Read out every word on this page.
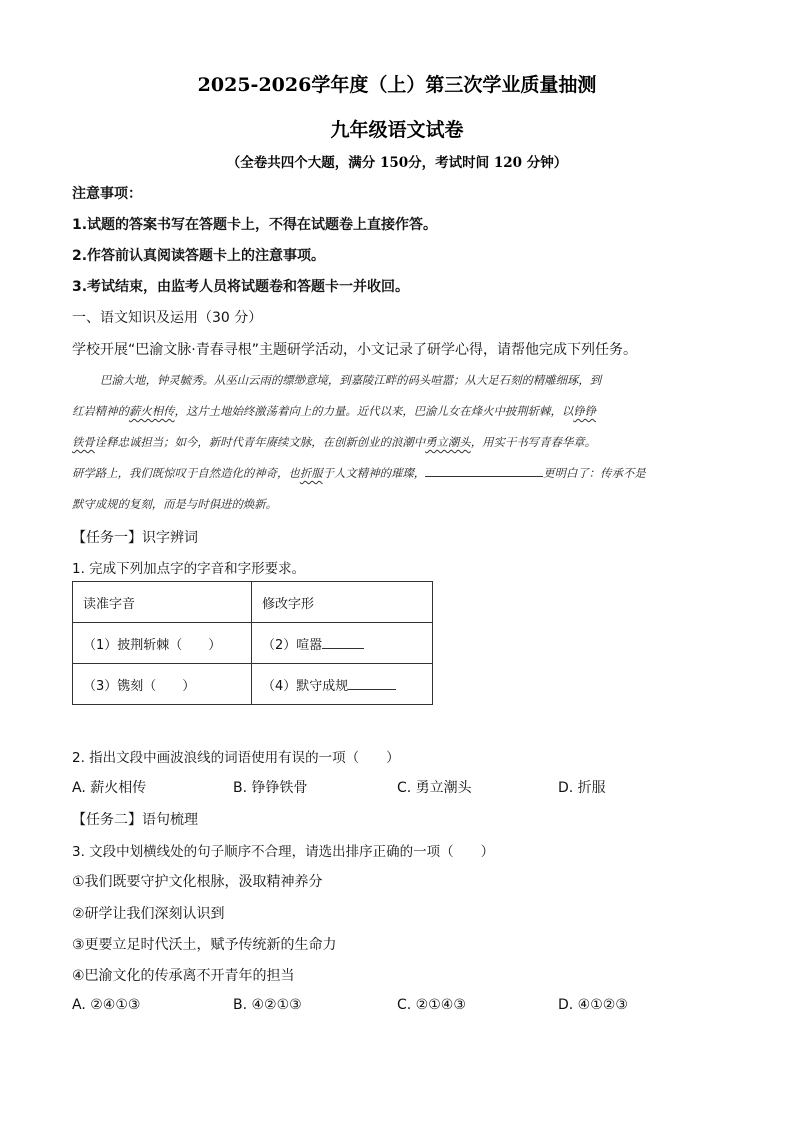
2025-2026学年度（上）第三次学业质量抽测
九年级语文试卷
（全卷共四个大题，满分 150分，考试时间 120 分钟）
注意事项：
1.试题的答案书写在答题卡上，不得在试题卷上直接作答。
2.作答前认真阅读答题卡上的注意事项。
3.考试结束，由监考人员将试题卷和答题卡一并收回。
一、语文知识及运用（30 分）
学校开展“巴渝文脉·青春寻根”主题研学活动，小文记录了研学心得，请帮他完成下列任务。
巴渝大地，钟灵毓秀。从巫山云雨的缥缈意境，到嘉陵江畔的码头喧嚣；从大足石刻的精雕细琢，到
红岩精神的薪火相传，这片土地始终激荡着向上的力量。近代以来，巴渝儿女在烽火中披荆斩棘，以铮铮
铁骨诠释忠诚担当；如今，新时代青年赓续文脉，在创新创业的浪潮中勇立潮头，用实干书写青春华章。
研学路上，我们既惊叹于自然造化的神奇，也折服于人文精神的璀璨，	更明白了：传承不是
默守成规的复刻，而是与时俱进的焕新。
【任务一】识字辨词
1. 完成下列加点字的字音和字形要求。
读准字音	修改字形
（1）披荆斩棘（　　）	（2）喧嚣
（3）镌刻（　　）	（4）默守成规
2. 指出文段中画波浪线的词语使用有误的一项（　　）
A. 薪火相传	B. 铮铮铁骨	C. 勇立潮头	D. 折服
【任务二】语句梳理
3. 文段中划横线处的句子顺序不合理，请选出排序正确的一项（　　）
①我们既要守护文化根脉，汲取精神养分
②研学让我们深刻认识到
③更要立足时代沃土，赋予传统新的生命力
④巴渝文化的传承离不开青年的担当
A. ②④①③	B. ④②①③	C. ②①④③	D. ④①②③
